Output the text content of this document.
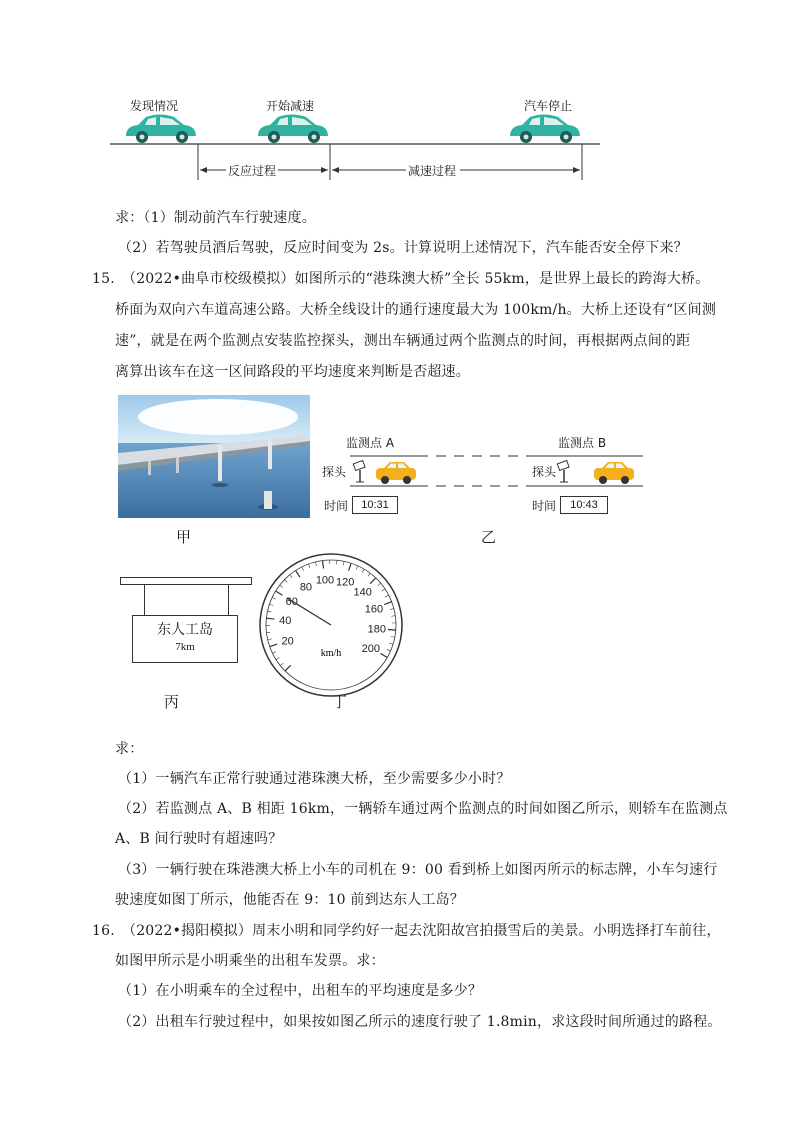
发现情况	开始减速	汽车停止
反应过程	减速过程
求：（1）制动前汽车行驶速度。
（2）若驾驶员酒后驾驶，反应时间变为 2s。计算说明上述情况下，汽车能否安全停下来？
15. （2022•曲阜市校级模拟）如图所示的“港珠澳大桥”全长 55km，是世界上最长的跨海大桥。
桥面为双向六车道高速公路。大桥全线设计的通行速度最大为 100km/h。大桥上还设有“区间测
速”，就是在两个监测点安装监控探头，测出车辆通过两个监测点的时间，再根据两点间的距
离算出该车在这一区间路段的平均速度来判断是否超速。
甲
监测点 A	监测点 B
探头	探头
时间	10:31	时间	10:43
乙
东人工岛
7km
丙
20
40
60
80
100 120
140
160
180
200
km/h
丁
求：
（1）一辆汽车正常行驶通过港珠澳大桥，至少需要多少小时？
（2）若监测点 A、B 相距 16km，一辆轿车通过两个监测点的时间如图乙所示，则轿车在监测点
A、B 间行驶时有超速吗？
（3）一辆行驶在珠港澳大桥上小车的司机在 9：00 看到桥上如图丙所示的标志牌，小车匀速行
驶速度如图丁所示，他能否在 9：10 前到达东人工岛？
16. （2022•揭阳模拟）周末小明和同学约好一起去沈阳故宫拍摄雪后的美景。小明选择打车前往，
如图甲所示是小明乘坐的出租车发票。求：
（1）在小明乘车的全过程中，出租车的平均速度是多少？
（2）出租车行驶过程中，如果按如图乙所示的速度行驶了 1.8min，求这段时间所通过的路程。
